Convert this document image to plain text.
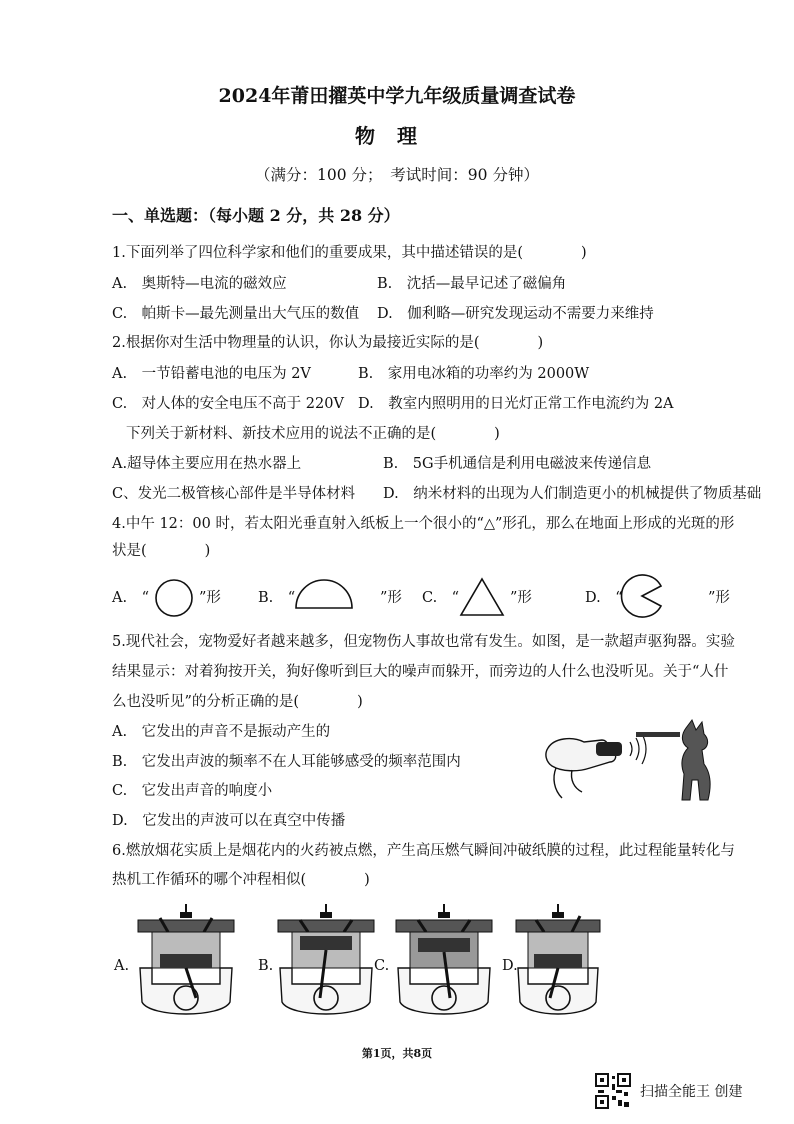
2024年莆田擢英中学九年级质量调查试卷
物理
（满分：100 分；　考试时间：90 分钟）
一、单选题：（每小题 2 分，共 28 分）
1.下面列举了四位科学家和他们的重要成果，其中描述错误的是(　　　　)
A.　奥斯特—电流的磁效应	B.　沈括—最早记述了磁偏角
C.　帕斯卡—最先测量出大气压的数值 D.　伽利略—研究发现运动不需要力来维持
2.根据你对生活中物理量的认识，你认为最接近实际的是(　　　　)
A.　一节铅蓄电池的电压为 2V	B.　家用电冰箱的功率约为 2000W
C.　对人体的安全电压不高于 220V D.　教室内照明用的日光灯正常工作电流约为 2A
下列关于新材料、新技术应用的说法不正确的是(　　　　)
A.超导体主要应用在热水器上	B.　5G手机通信是利用电磁波来传递信息
C、发光二极管核心部件是半导体材料 D.　纳米材料的出现为人们制造更小的机械提供了物质基础
4.中午 12：00 时，若太阳光垂直射入纸板上一个很小的“△”形孔，那么在地面上形成的光斑的形
状是(　　　　)
A.　“	”形	B.　“	”形 C.　“	”形	D.　“	”形
5.现代社会，宠物爱好者越来越多，但宠物伤人事故也常有发生。如图，是一款超声驱狗器。实验
结果显示：对着狗按开关，狗好像听到巨大的噪声而躲开，而旁边的人什么也没听见。关于“人什
么也没听见”的分析正确的是(　　　　)
A.　它发出的声音不是振动产生的
B.　它发出声波的频率不在人耳能够感受的频率范围内
C.　它发出声音的响度小
D.　它发出的声波可以在真空中传播
6.燃放烟花实质上是烟花内的火药被点燃，产生高压燃气瞬间冲破纸膜的过程，此过程能量转化与
热机工作循环的哪个冲程相似(　　　　)
A.	B.	C.	D.
第1页，共8页
扫描全能王 创建
